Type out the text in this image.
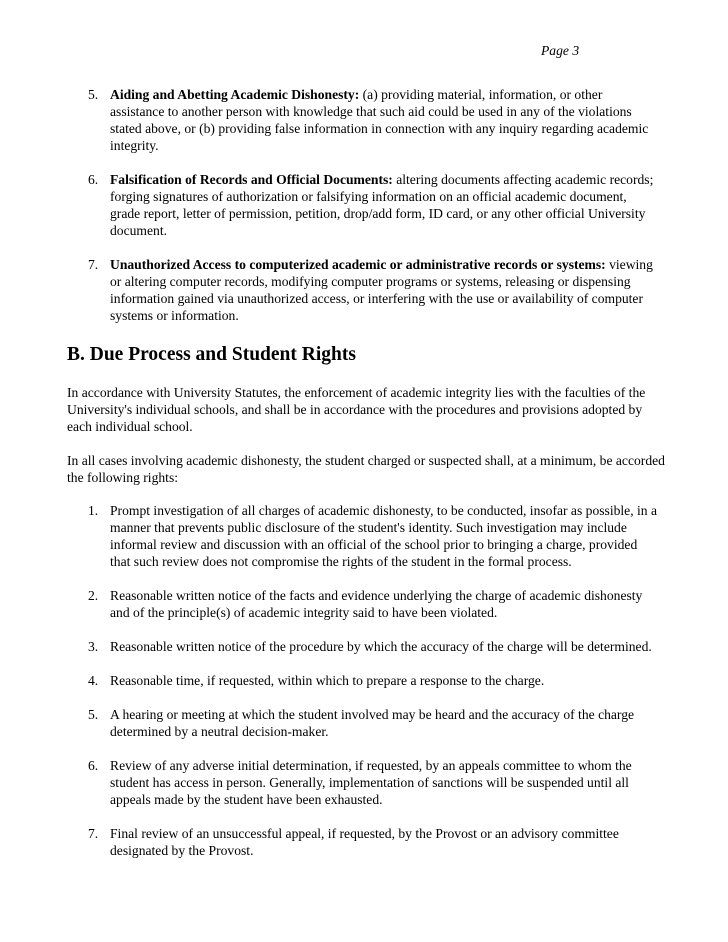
Page 3
5. Aiding and Abetting Academic Dishonesty: (a) providing material, information, or other assistance to another person with knowledge that such aid could be used in any of the violations stated above, or (b) providing false information in connection with any inquiry regarding academic integrity.
6. Falsification of Records and Official Documents: altering documents affecting academic records; forging signatures of authorization or falsifying information on an official academic document, grade report, letter of permission, petition, drop/add form, ID card, or any other official University document.
7. Unauthorized Access to computerized academic or administrative records or systems: viewing or altering computer records, modifying computer programs or systems, releasing or dispensing information gained via unauthorized access, or interfering with the use or availability of computer systems or information.
B. Due Process and Student Rights

In accordance with University Statutes, the enforcement of academic integrity lies with the faculties of the University's individual schools, and shall be in accordance with the procedures and provisions adopted by each individual school.

In all cases involving academic dishonesty, the student charged or suspected shall, at a minimum, be accorded the following rights:

1. Prompt investigation of all charges of academic dishonesty, to be conducted, insofar as possible, in a manner that prevents public disclosure of the student's identity. Such investigation may include informal review and discussion with an official of the school prior to bringing a charge, provided that such review does not compromise the rights of the student in the formal process.
2. Reasonable written notice of the facts and evidence underlying the charge of academic dishonesty and of the principle(s) of academic integrity said to have been violated.
3. Reasonable written notice of the procedure by which the accuracy of the charge will be determined.
4. Reasonable time, if requested, within which to prepare a response to the charge.
5. A hearing or meeting at which the student involved may be heard and the accuracy of the charge determined by a neutral decision-maker.
6. Review of any adverse initial determination, if requested, by an appeals committee to whom the student has access in person. Generally, implementation of sanctions will be suspended until all appeals made by the student have been exhausted.
7. Final review of an unsuccessful appeal, if requested, by the Provost or an advisory committee designated by the Provost.
